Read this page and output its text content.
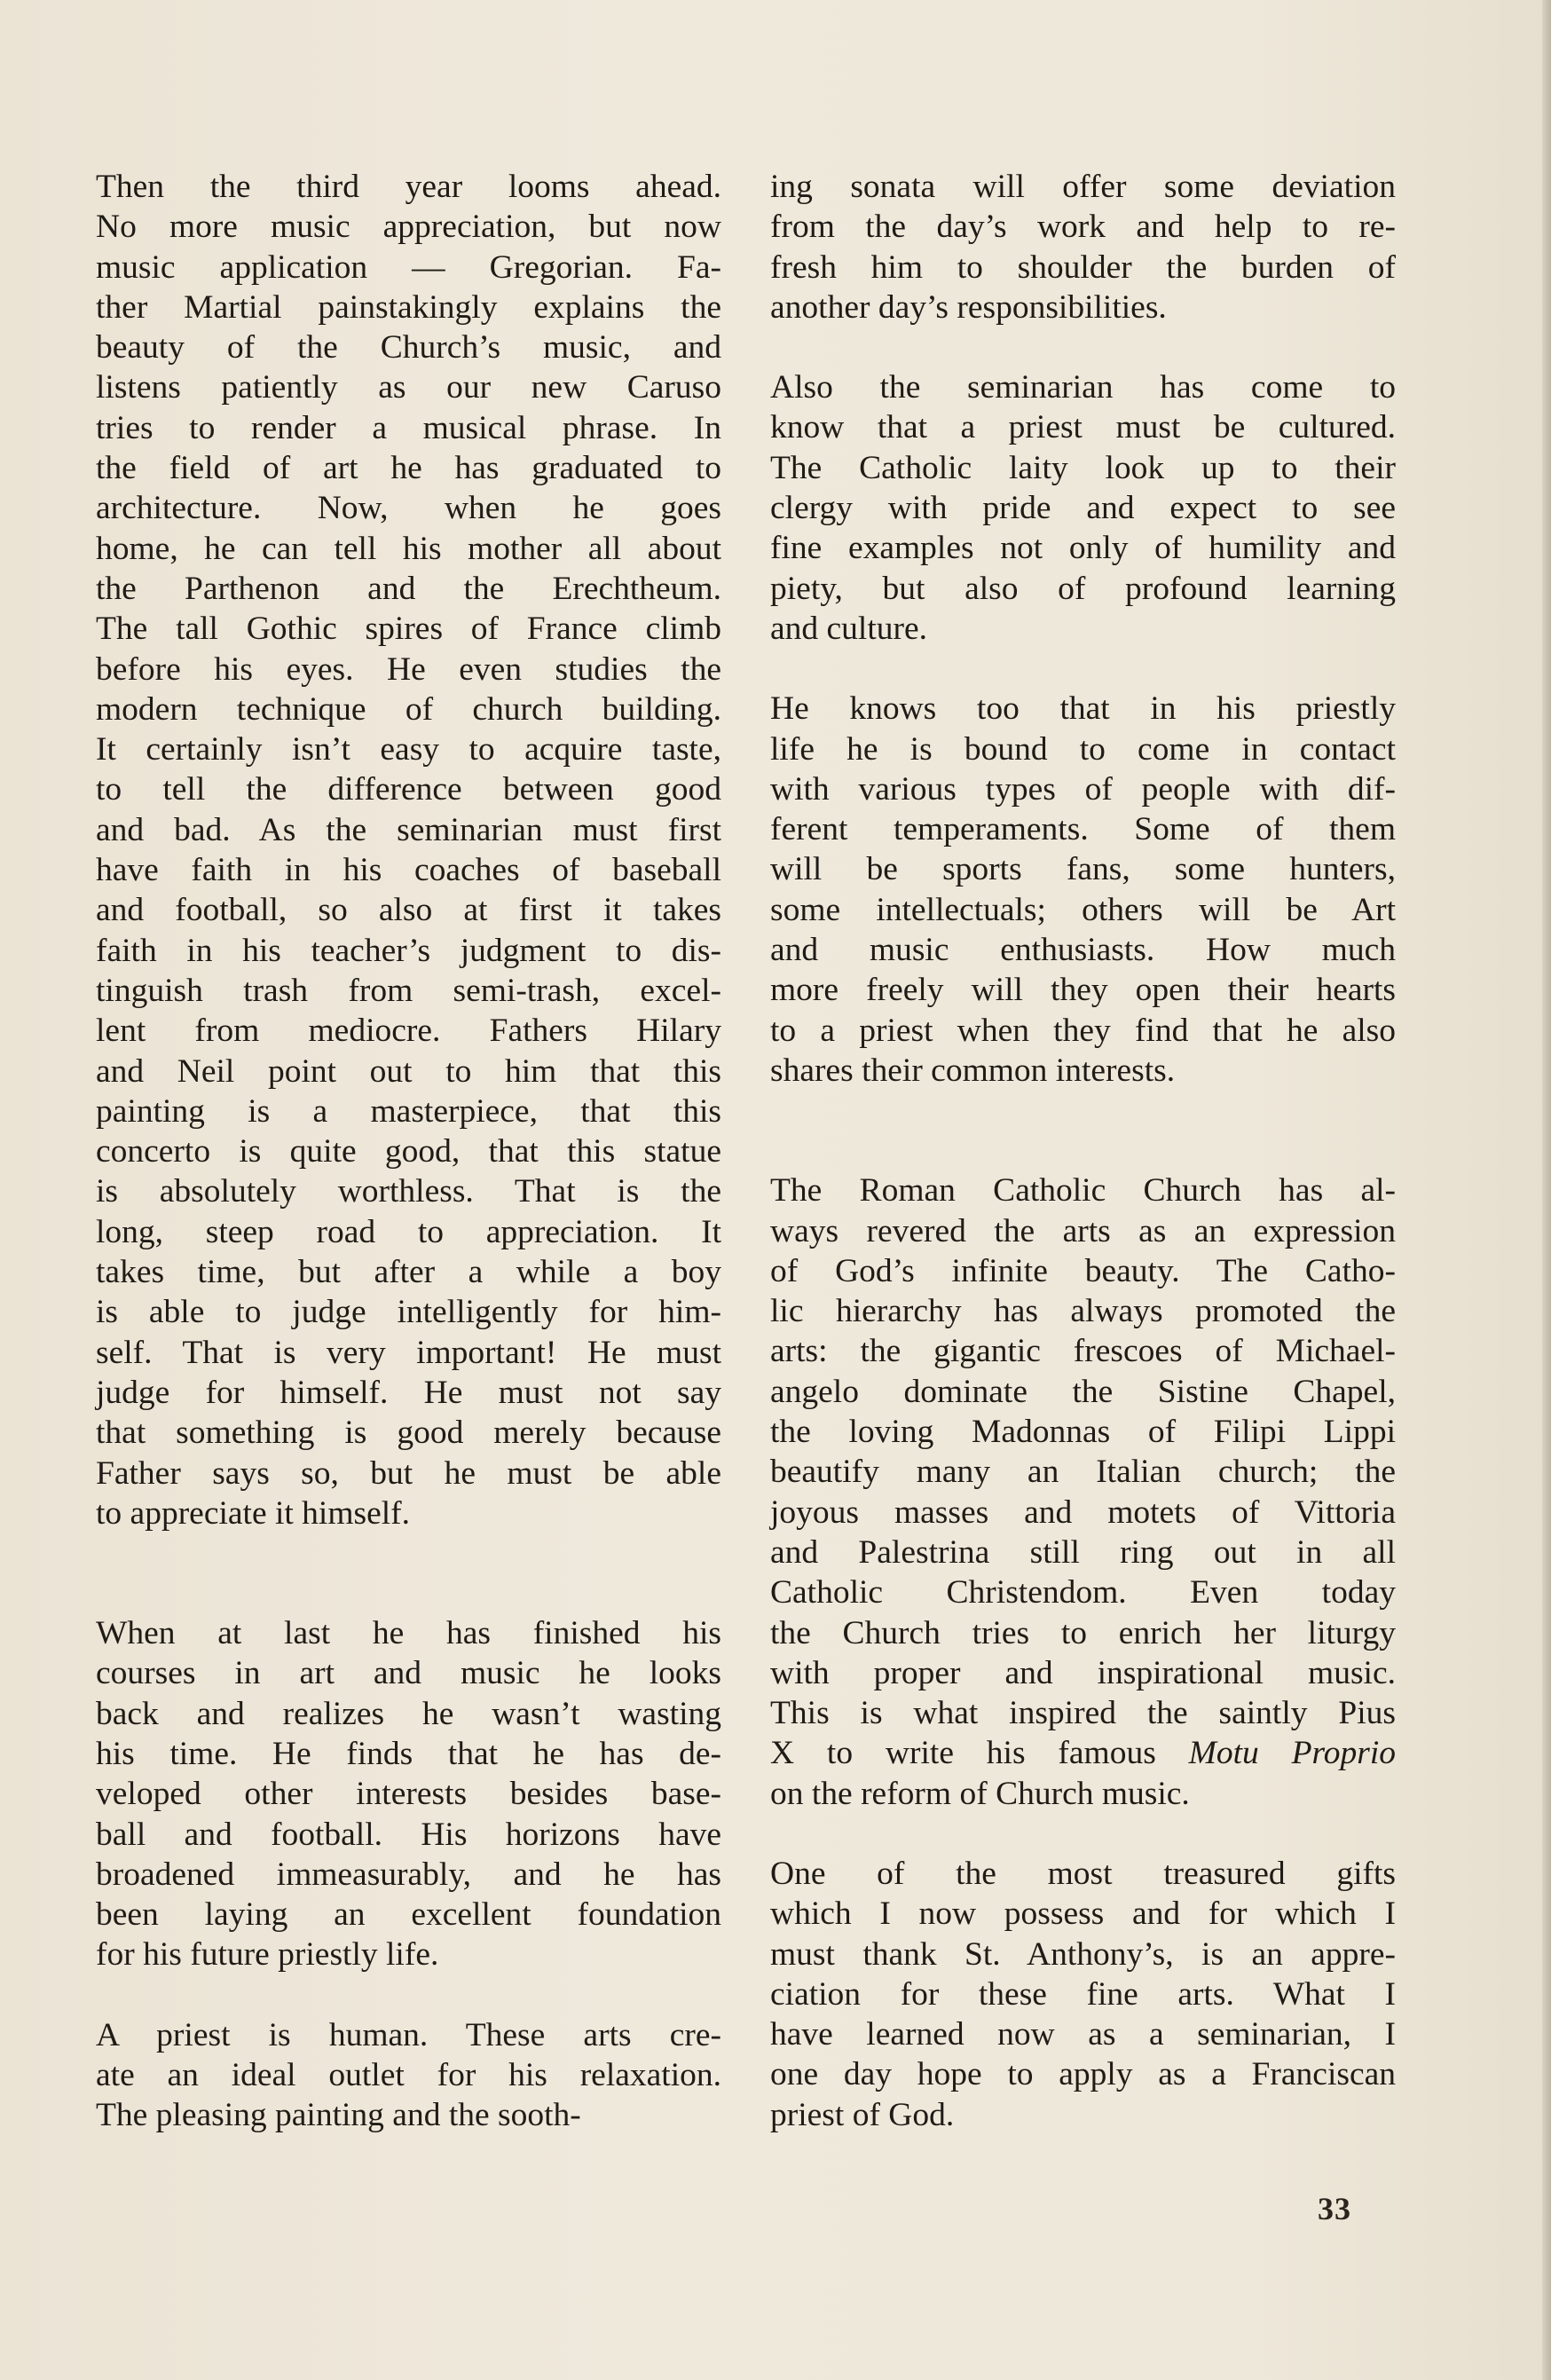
Then the third year looms ahead.
No more music appreciation, but now
music application — Gregorian. Fa-
ther Martial painstakingly explains the
beauty of the Church’s music, and
listens patiently as our new Caruso
tries to render a musical phrase. In
the field of art he has graduated to
architecture. Now, when he goes
home, he can tell his mother all about
the Parthenon and the Erechtheum.
The tall Gothic spires of France climb
before his eyes. He even studies the
modern technique of church building.
It certainly isn’t easy to acquire taste,
to tell the difference between good
and bad. As the seminarian must first
have faith in his coaches of baseball
and football, so also at first it takes
faith in his teacher’s judgment to dis-
tinguish trash from semi-trash, excel-
lent from mediocre. Fathers Hilary
and Neil point out to him that this
painting is a masterpiece, that this
concerto is quite good, that this statue
is absolutely worthless. That is the
long, steep road to appreciation. It
takes time, but after a while a boy
is able to judge intelligently for him-
self. That is very important! He must
judge for himself. He must not say
that something is good merely because
Father says so, but he must be able
to appreciate it himself.
When at last he has finished his
courses in art and music he looks
back and realizes he wasn’t wasting
his time. He finds that he has de-
veloped other interests besides base-
ball and football. His horizons have
broadened immeasurably, and he has
been laying an excellent foundation
for his future priestly life.
A priest is human. These arts cre-
ate an ideal outlet for his relaxation.
The pleasing painting and the sooth-
ing sonata will offer some deviation
from the day’s work and help to re-
fresh him to shoulder the burden of
another day’s responsibilities.
Also the seminarian has come to
know that a priest must be cultured.
The Catholic laity look up to their
clergy with pride and expect to see
fine examples not only of humility and
piety, but also of profound learning
and culture.
He knows too that in his priestly
life he is bound to come in contact
with various types of people with dif-
ferent temperaments. Some of them
will be sports fans, some hunters,
some intellectuals; others will be Art
and music enthusiasts. How much
more freely will they open their hearts
to a priest when they find that he also
shares their common interests.
The Roman Catholic Church has al-
ways revered the arts as an expression
of God’s infinite beauty. The Catho-
lic hierarchy has always promoted the
arts: the gigantic frescoes of Michael-
angelo dominate the Sistine Chapel,
the loving Madonnas of Filipi Lippi
beautify many an Italian church; the
joyous masses and motets of Vittoria
and Palestrina still ring out in all
Catholic Christendom. Even today
the Church tries to enrich her liturgy
with proper and inspirational music.
This is what inspired the saintly Pius
X to write his famous Motu Proprio
on the reform of Church music.
One of the most treasured gifts
which I now possess and for which I
must thank St. Anthony’s, is an appre-
ciation for these fine arts. What I
have learned now as a seminarian, I
one day hope to apply as a Franciscan
priest of God.
33
